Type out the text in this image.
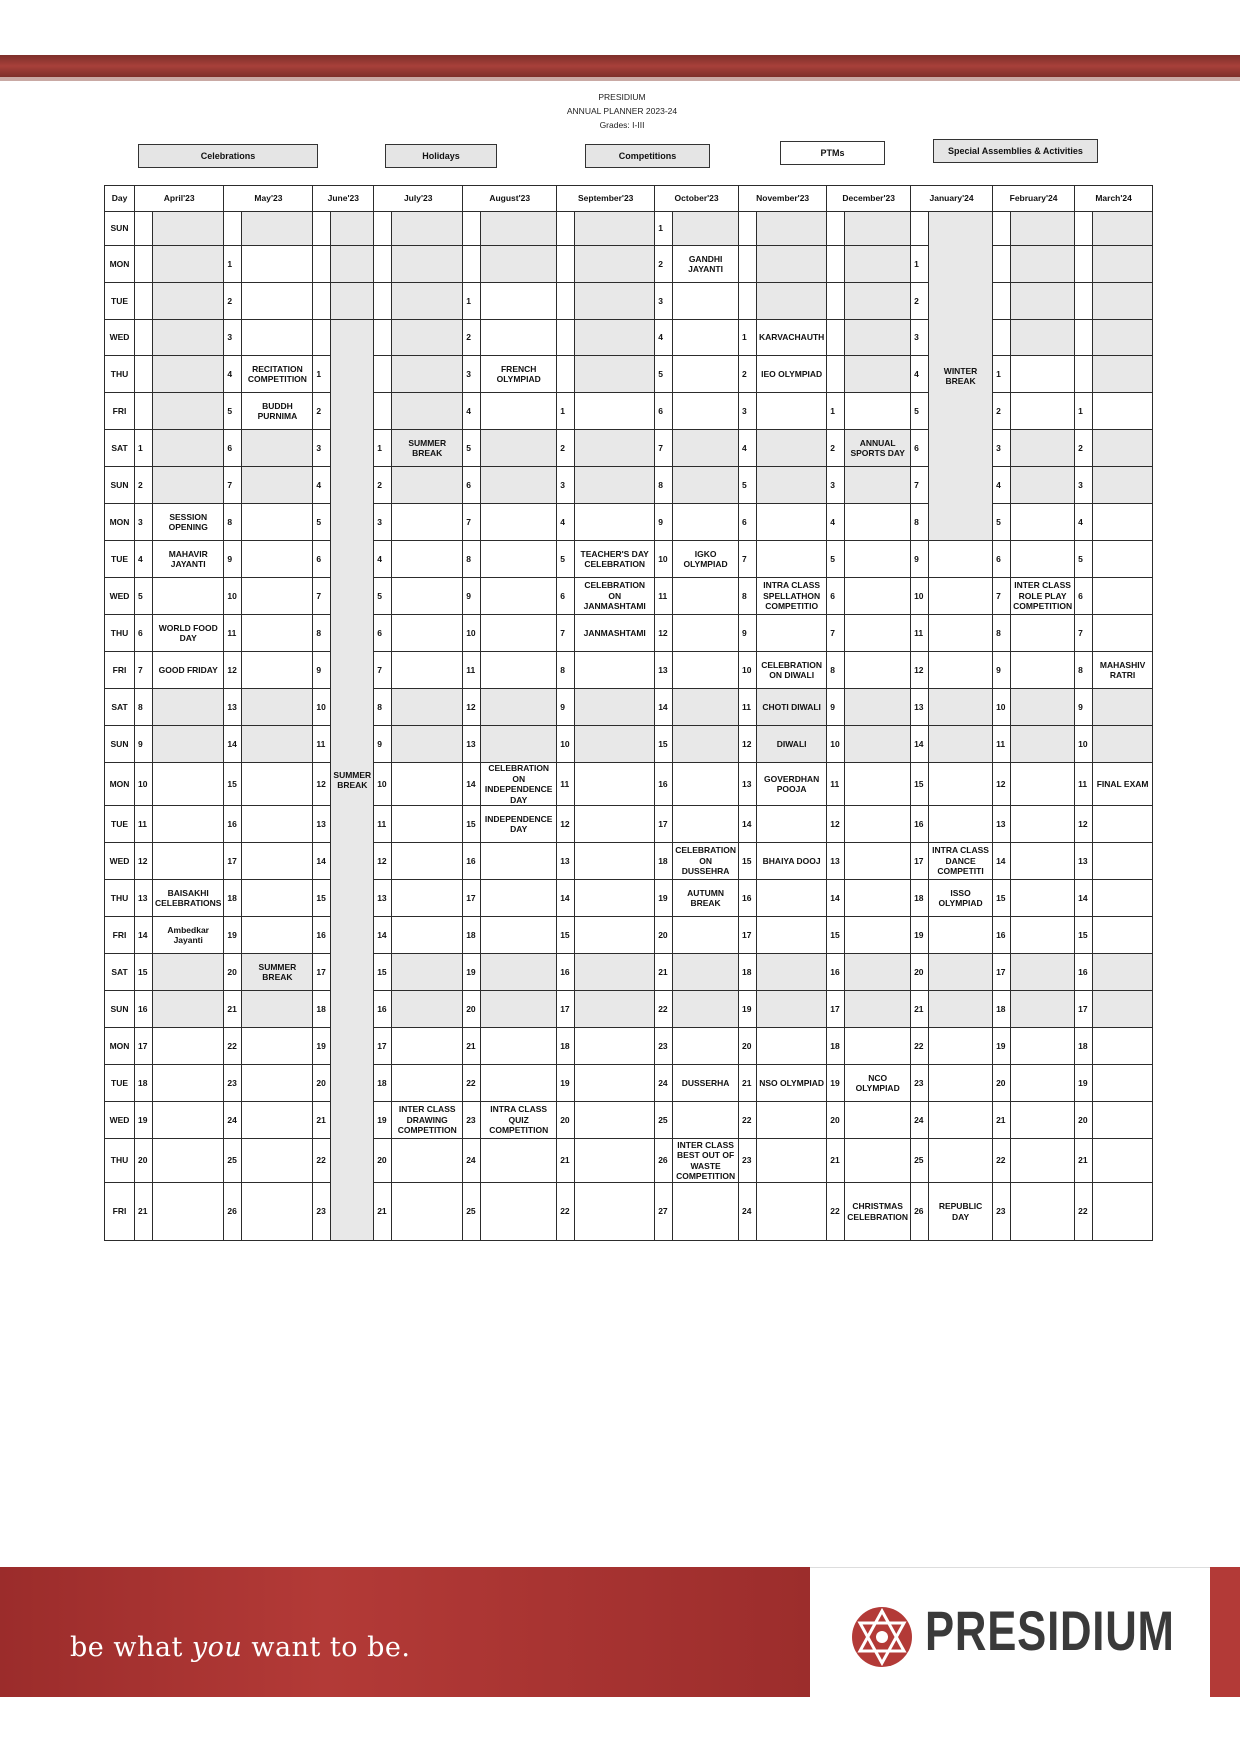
PRESIDIUM
ANNUAL PLANNER 2023-24
Grades: I-III
Celebrations	Holidays	Competitions	PTMs	Special Assemblies & Activities
Day	April'23		May'23		June'23		July'23		August'23		September'23		October'23		November'23		December'23		January'24		February'24		March'24	
SUN													1							WINTER BREAK				
MON			1										2	GANDHI JAYANTI					1					
TUE			2						1				3						2					
WED			3			SUMMER BREAK			2				4		1	KARVACHAUTH			3					
THU			4	RECITATION COMPETITION	1				3	FRENCH OLYMPIAD			5		2	IEO OLYMPIAD			4		1			
FRI			5	BUDDH PURNIMA	2				4		1		6		3		1		5		2		1	
SAT	1		6		3		1	SUMMER BREAK	5		2		7		4		2	ANNUAL SPORTS DAY	6		3		2	
SUN	2		7		4		2		6		3		8		5		3		7		4		3	
MON	3	SESSION OPENING	8		5		3		7		4		9		6		4		8		5		4	
TUE	4	MAHAVIR JAYANTI	9		6		4		8		5	TEACHER'S DAY CELEBRATION	10	IGKO OLYMPIAD	7		5		9		6		5	
WED	5		10		7		5		9		6	CELEBRATION ON JANMASHTAMI	11		8	INTRA CLASS SPELLATHON COMPETITIO	6		10		7	INTER CLASS ROLE PLAY COMPETITION	6	
THU	6	WORLD FOOD DAY	11		8		6		10		7	JANMASHTAMI	12		9		7		11		8		7	
FRI	7	GOOD FRIDAY	12		9		7		11		8		13		10	CELEBRATION ON DIWALI	8		12		9		8	MAHASHIV RATRI
SAT	8		13		10		8		12		9		14		11	CHOTI DIWALI	9		13		10		9	
SUN	9		14		11		9		13		10		15		12	DIWALI	10		14		11		10	
MON	10		15		12		10		14	CELEBRATION ON INDEPENDENCE DAY	11		16		13	GOVERDHAN POOJA	11		15		12		11	FINAL EXAM
TUE	11		16		13		11		15	INDEPENDENCE DAY	12		17		14		12		16		13		12	
WED	12		17		14		12		16		13		18	CELEBRATION ON DUSSEHRA	15	BHAIYA DOOJ	13		17	INTRA CLASS DANCE COMPETITI	14		13	
THU	13	BAISAKHI CELEBRATIONS	18		15		13		17		14		19	AUTUMN BREAK	16		14		18	ISSO OLYMPIAD	15		14	
FRI	14	Ambedkar Jayanti	19		16		14		18		15		20		17		15		19		16		15	
SAT	15		20	SUMMER BREAK	17		15		19		16		21		18		16		20		17		16	
SUN	16		21		18		16		20		17		22		19		17		21		18		17	
MON	17		22		19		17		21		18		23		20		18		22		19		18	
TUE	18		23		20		18		22		19		24	DUSSERHA	21	NSO OLYMPIAD	19	NCO OLYMPIAD	23		20		19	
WED	19		24		21		19	INTER CLASS DRAWING COMPETITION	23	INTRA CLASS QUIZ COMPETITION	20		25		22		20		24		21		20	
THU	20		25		22		20		24		21		26	INTER CLASS BEST OUT OF WASTE COMPETITION	23		21		25		22		21	
FRI	21		26		23		21		25		22		27		24		22	CHRISTMAS CELEBRATION	26	REPUBLIC DAY	23		22	
be what you want to be.	PRESIDIUM
